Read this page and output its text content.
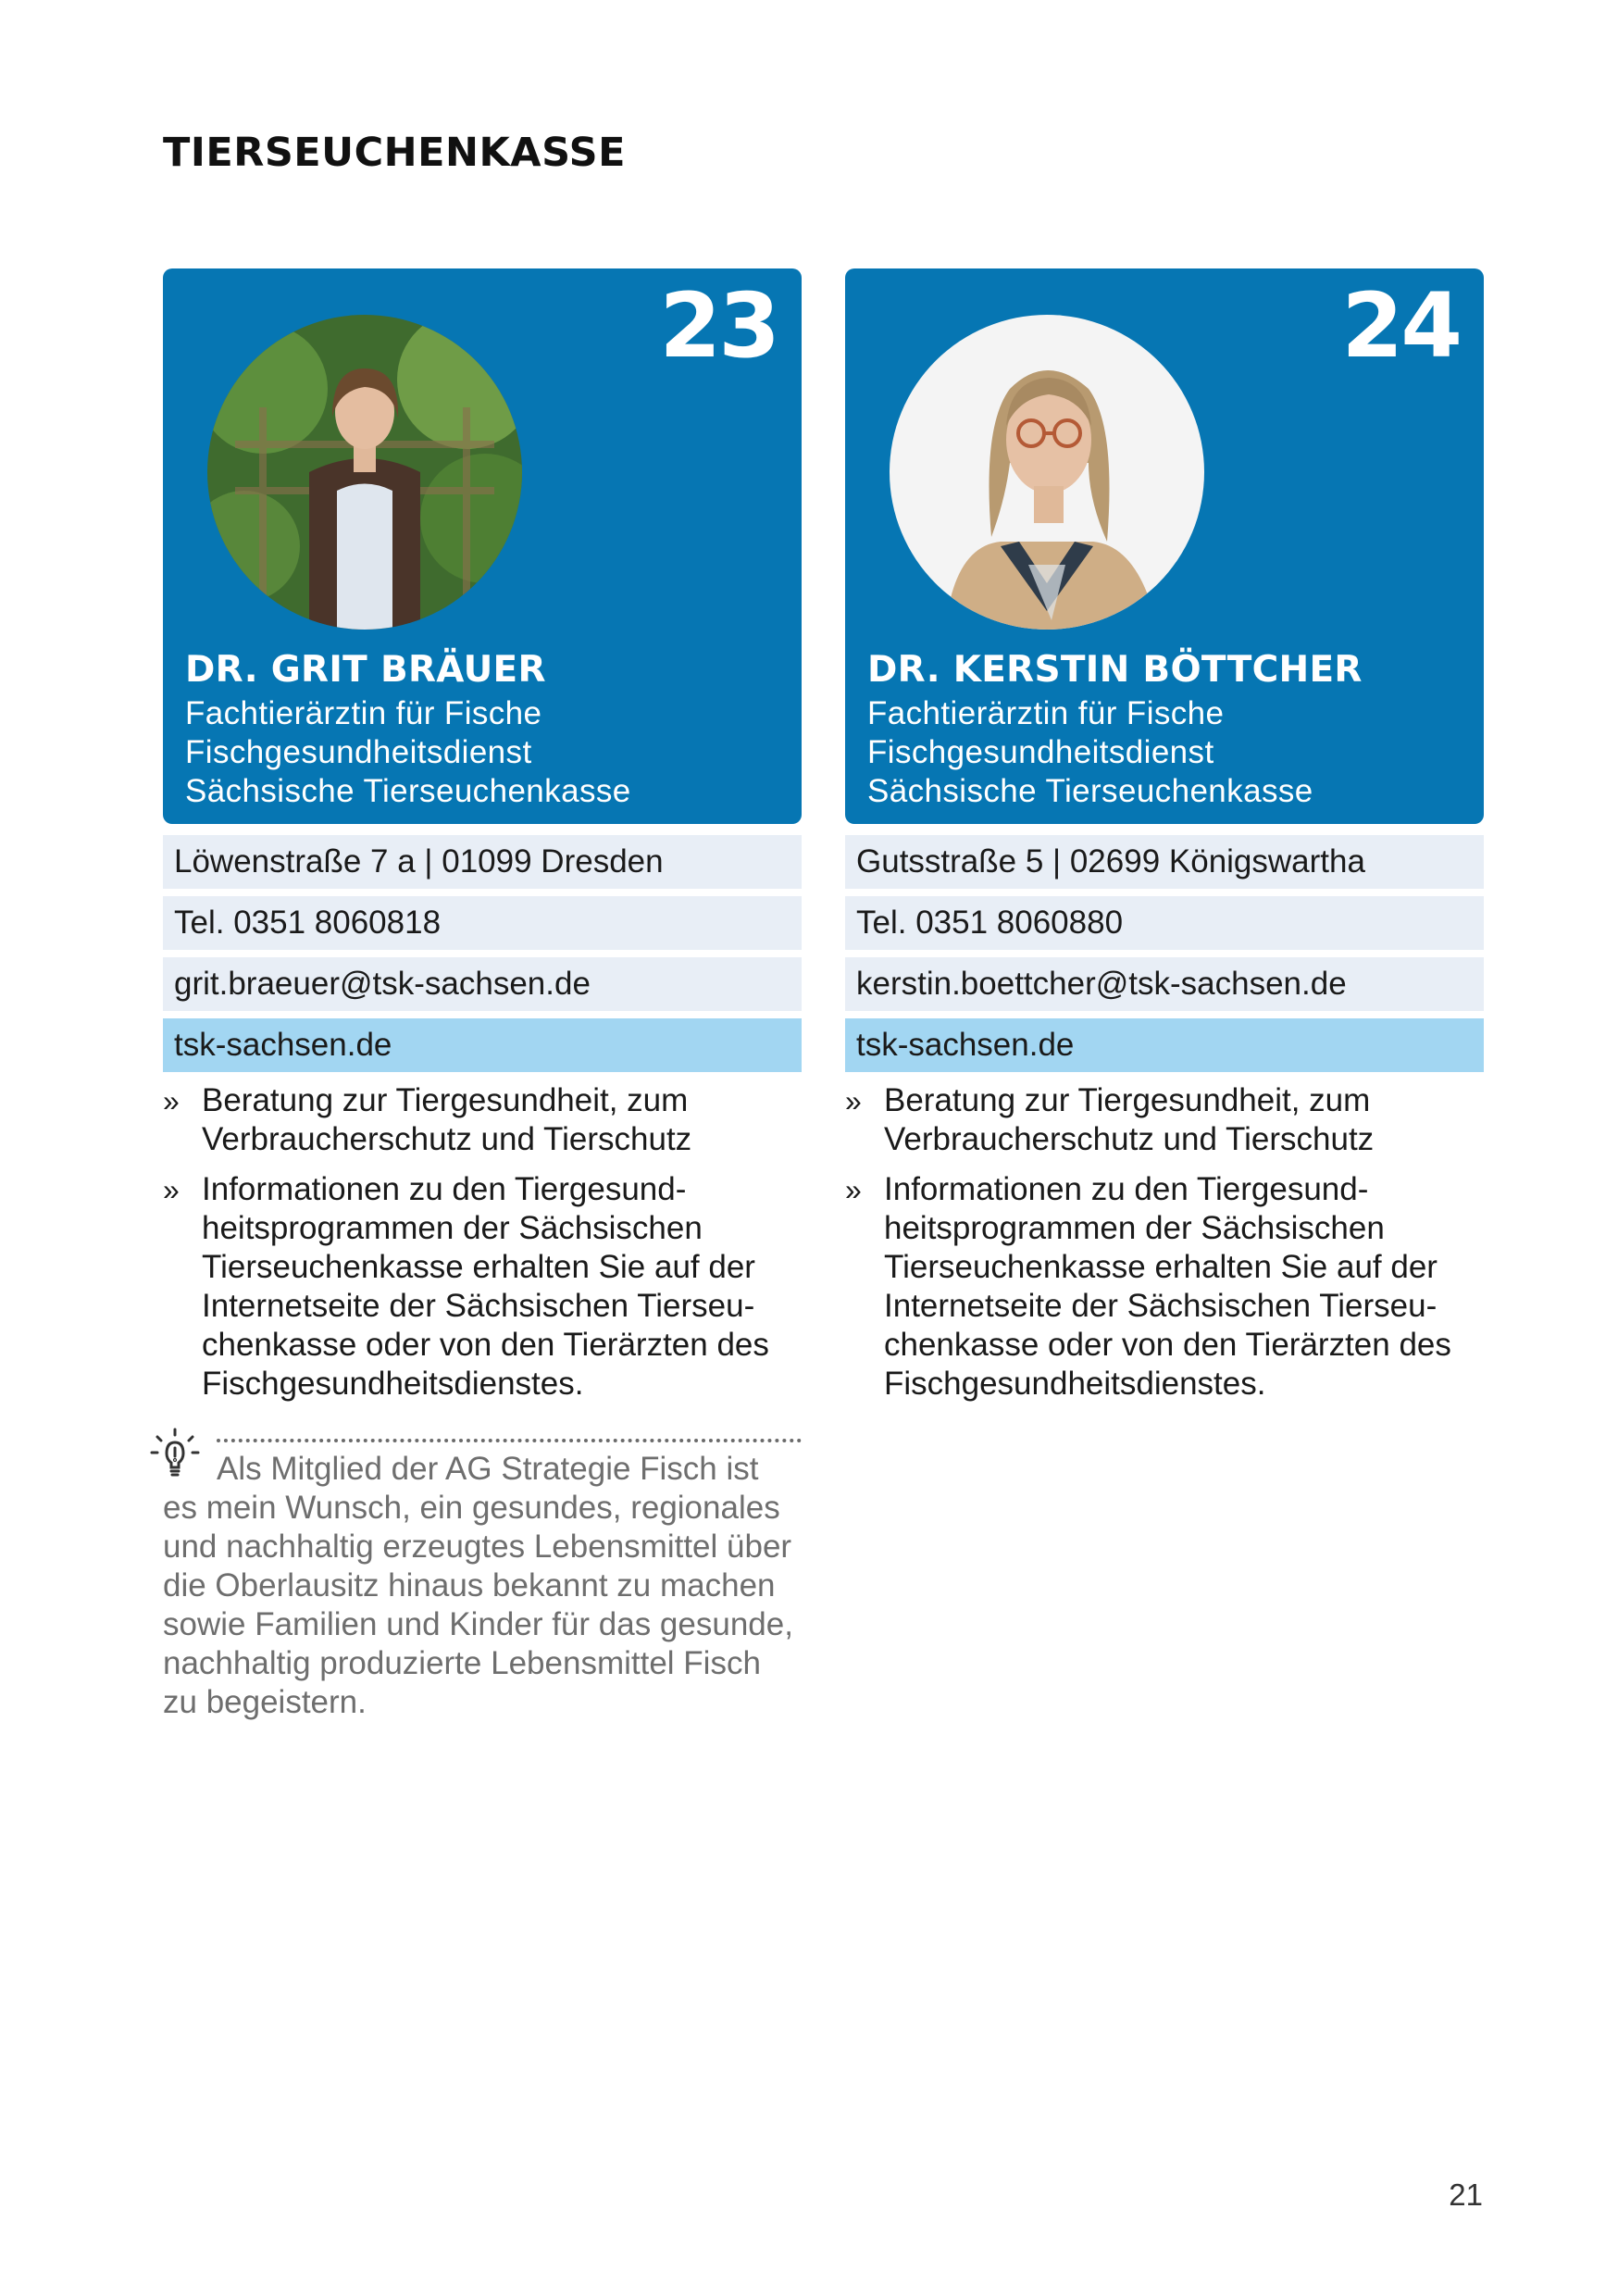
TIERSEUCHENKASSE
23
DR. GRIT BRÄUER
Fachtierärztin für Fische
Fischgesundheitsdienst
Sächsische Tierseuchenkasse
Löwenstraße 7 a | 01099 Dresden
Tel. 0351 8060818
grit.braeuer@tsk-sachsen.de
tsk-sachsen.de
» Beratung zur Tiergesundheit, zum Verbraucherschutz und Tierschutz
» Informationen zu den Tiergesund-heitsprogrammen der Sächsischen Tierseuchenkasse erhalten Sie auf der Internetseite der Sächsischen Tierseu-chenkasse oder von den Tierärzten des Fischgesundheitsdienstes.
Als Mitglied der AG Strategie Fisch ist es mein Wunsch, ein gesundes, regionales und nachhaltig erzeugtes Lebensmittel über die Oberlausitz hinaus bekannt zu machen sowie Familien und Kinder für das gesunde, nachhaltig produzierte Lebensmittel Fisch zu begeistern.
24
DR. KERSTIN BÖTTCHER
Fachtierärztin für Fische
Fischgesundheitsdienst
Sächsische Tierseuchenkasse
Gutsstraße 5 | 02699 Königswartha
Tel. 0351 8060880
kerstin.boettcher@tsk-sachsen.de
tsk-sachsen.de
» Beratung zur Tiergesundheit, zum Verbraucherschutz und Tierschutz
» Informationen zu den Tiergesund-heitsprogrammen der Sächsischen Tierseuchenkasse erhalten Sie auf der Internetseite der Sächsischen Tierseu-chenkasse oder von den Tierärzten des Fischgesundheitsdienstes.
21
